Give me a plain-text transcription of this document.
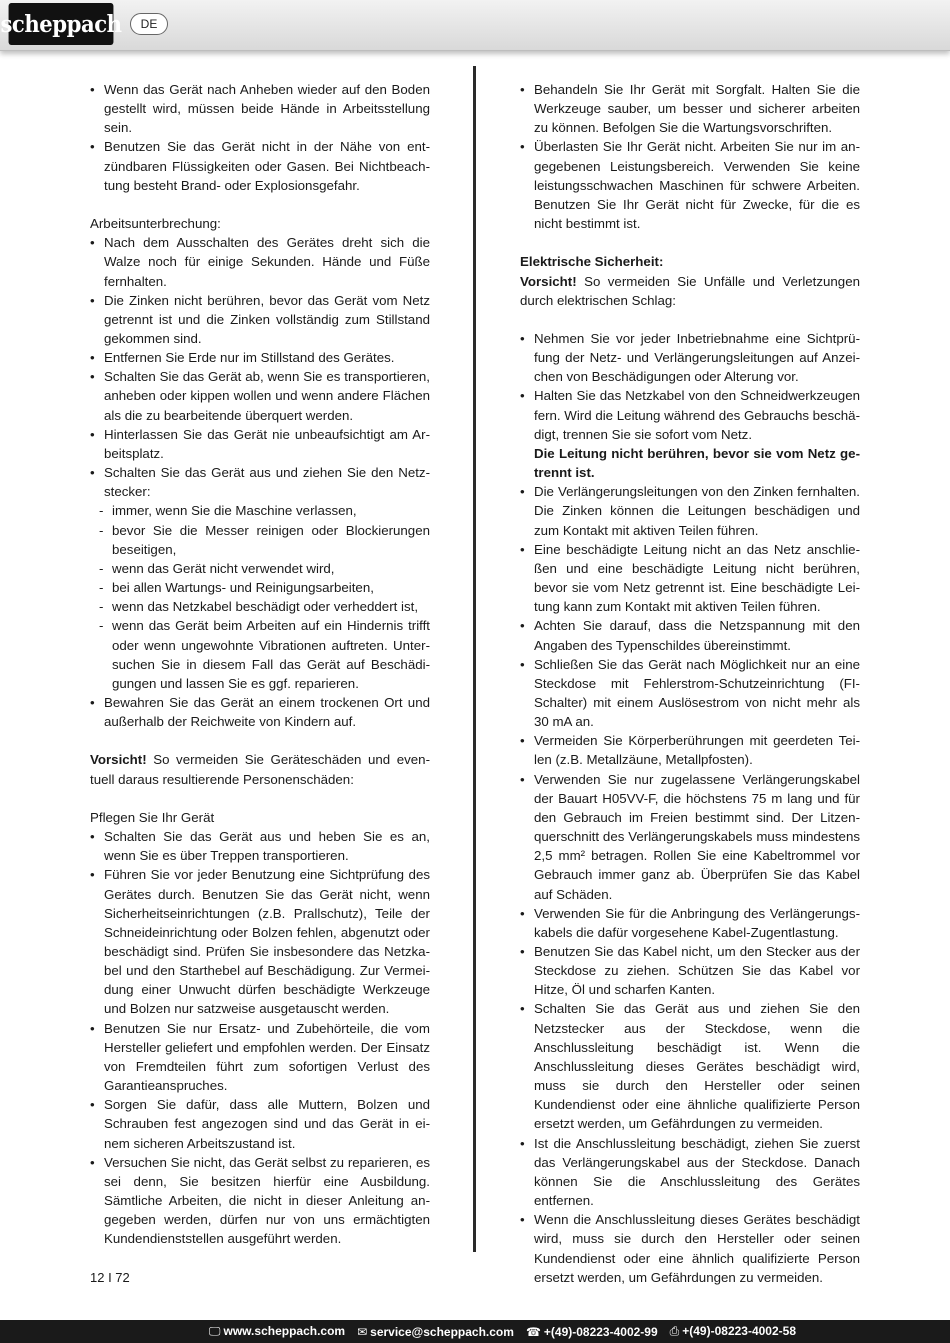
scheppach	DE
• Wenn das Gerät nach Anheben wieder auf den Boden gestellt wird, müssen beide Hände in Arbeitsstellung sein.
• Benutzen Sie das Gerät nicht in der Nähe von entzündbaren Flüssigkeiten oder Gasen. Bei Nichtbeachtung besteht Brand- oder Explosionsgefahr.
Arbeitsunterbrechung:
• Nach dem Ausschalten des Gerätes dreht sich die Walze noch für einige Sekunden. Hände und Füße fernhalten.
• Die Zinken nicht berühren, bevor das Gerät vom Netz getrennt ist und die Zinken vollständig zum Stillstand gekommen sind.
• Entfernen Sie Erde nur im Stillstand des Gerätes.
• Schalten Sie das Gerät ab, wenn Sie es transportieren, anheben oder kippen wollen und wenn andere Flächen als die zu bearbeitende überquert werden.
• Hinterlassen Sie das Gerät nie unbeaufsichtigt am Arbeitsplatz.
• Schalten Sie das Gerät aus und ziehen Sie den Netzstecker:
- immer, wenn Sie die Maschine verlassen,
- bevor Sie die Messer reinigen oder Blockierungen beseitigen,
- wenn das Gerät nicht verwendet wird,
- bei allen Wartungs- und Reinigungsarbeiten,
- wenn das Netzkabel beschädigt oder verheddert ist,
- wenn das Gerät beim Arbeiten auf ein Hindernis trifft oder wenn ungewohnte Vibrationen auftreten. Untersuchen Sie in diesem Fall das Gerät auf Beschädigungen und lassen Sie es ggf. reparieren.
• Bewahren Sie das Gerät an einem trockenen Ort und außerhalb der Reichweite von Kindern auf.
Vorsicht! So vermeiden Sie Geräteschäden und eventuell daraus resultierende Personenschäden:
Pflegen Sie Ihr Gerät
• Schalten Sie das Gerät aus und heben Sie es an, wenn Sie es über Treppen transportieren.
• Führen Sie vor jeder Benutzung eine Sichtprüfung des Gerätes durch. Benutzen Sie das Gerät nicht, wenn Sicherheitseinrichtungen (z.B. Prallschutz), Teile der Schneideinrichtung oder Bolzen fehlen, abgenutzt oder beschädigt sind. Prüfen Sie insbesondere das Netzkabel und den Starthebel auf Beschädigung. Zur Vermeidung einer Unwucht dürfen beschädigte Werkzeuge und Bolzen nur satzweise ausgetauscht werden.
• Benutzen Sie nur Ersatz- und Zubehörteile, die vom Hersteller geliefert und empfohlen werden. Der Einsatz von Fremdteilen führt zum sofortigen Verlust des Garantieanspruches.
• Sorgen Sie dafür, dass alle Muttern, Bolzen und Schrauben fest angezogen sind und das Gerät in einem sicheren Arbeitszustand ist.
• Versuchen Sie nicht, das Gerät selbst zu reparieren, es sei denn, Sie besitzen hierfür eine Ausbildung. Sämtliche Arbeiten, die nicht in dieser Anleitung angegeben werden, dürfen nur von uns ermächtigten Kundendienststellen ausgeführt werden.
• Behandeln Sie Ihr Gerät mit Sorgfalt. Halten Sie die Werkzeuge sauber, um besser und sicherer arbeiten zu können. Befolgen Sie die Wartungsvorschriften.
• Überlasten Sie Ihr Gerät nicht. Arbeiten Sie nur im angegebenen Leistungsbereich. Verwenden Sie keine leistungsschwachen Maschinen für schwere Arbeiten. Benutzen Sie Ihr Gerät nicht für Zwecke, für die es nicht bestimmt ist.
Elektrische Sicherheit:
Vorsicht! So vermeiden Sie Unfälle und Verletzungen durch elektrischen Schlag:
• Nehmen Sie vor jeder Inbetriebnahme eine Sichtprüfung der Netz- und Verlängerungsleitungen auf Anzeichen von Beschädigungen oder Alterung vor.
• Halten Sie das Netzkabel von den Schneidwerkzeugen fern. Wird die Leitung während des Gebrauchs beschädigt, trennen Sie sie sofort vom Netz.
Die Leitung nicht berühren, bevor sie vom Netz getrennt ist.
• Die Verlängerungsleitungen von den Zinken fernhalten. Die Zinken können die Leitungen beschädigen und zum Kontakt mit aktiven Teilen führen.
• Eine beschädigte Leitung nicht an das Netz anschließen und eine beschädigte Leitung nicht berühren, bevor sie vom Netz getrennt ist. Eine beschädigte Leitung kann zum Kontakt mit aktiven Teilen führen.
• Achten Sie darauf, dass die Netzspannung mit den Angaben des Typenschildes übereinstimmt.
• Schließen Sie das Gerät nach Möglichkeit nur an eine Steckdose mit Fehlerstrom-Schutzeinrichtung (FI-Schalter) mit einem Auslösestrom von nicht mehr als 30 mA an.
• Vermeiden Sie Körperberührungen mit geerdeten Teilen (z.B. Metallzäune, Metallpfosten).
• Verwenden Sie nur zugelassene Verlängerungskabel der Bauart H05VV-F, die höchstens 75 m lang und für den Gebrauch im Freien bestimmt sind. Der Litzenquerschnitt des Verlängerungskabels muss mindestens 2,5 mm² betragen. Rollen Sie eine Kabeltrommel vor Gebrauch immer ganz ab. Überprüfen Sie das Kabel auf Schäden.
• Verwenden Sie für die Anbringung des Verlängerungskabels die dafür vorgesehene Kabel-Zugentlastung.
• Benutzen Sie das Kabel nicht, um den Stecker aus der Steckdose zu ziehen. Schützen Sie das Kabel vor Hitze, Öl und scharfen Kanten.
• Schalten Sie das Gerät aus und ziehen Sie den Netzstecker aus der Steckdose, wenn die Anschlussleitung beschädigt ist. Wenn die Anschlussleitung dieses Gerätes beschädigt wird, muss sie durch den Hersteller oder seinen Kundendienst oder eine ähnliche qualifizierte Person ersetzt werden, um Gefährdungen zu vermeiden.
• Ist die Anschlussleitung beschädigt, ziehen Sie zuerst das Verlängerungskabel aus der Steckdose. Danach können Sie die Anschlussleitung des Gerätes entfernen.
• Wenn die Anschlussleitung dieses Gerätes beschädigt wird, muss sie durch den Hersteller oder seinen Kundendienst oder eine ähnlich qualifizierte Person ersetzt werden, um Gefährdungen zu vermeiden.
12 I 72
🖵 www.scheppach.com ✉ service@scheppach.com ☎ +(49)-08223-4002-99 ⎙ +(49)-08223-4002-58
